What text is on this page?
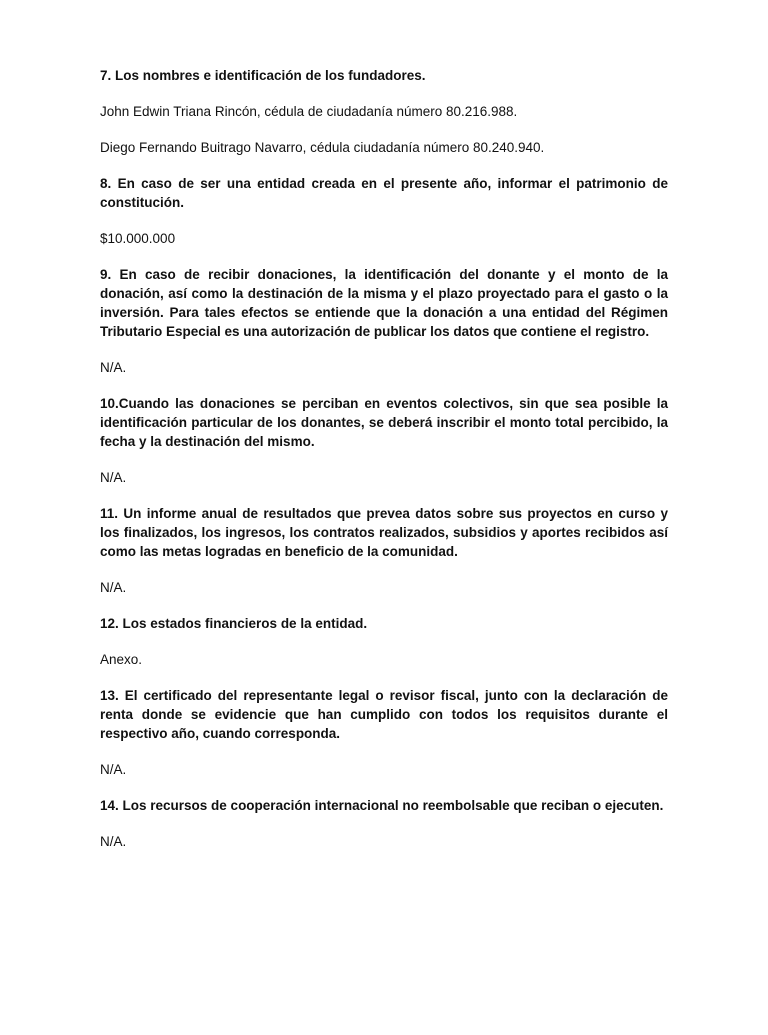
7. Los nombres e identificación de los fundadores.

John Edwin Triana Rincón, cédula de ciudadanía número 80.216.988.

Diego Fernando Buitrago Navarro, cédula ciudadanía número 80.240.940.

8. En caso de ser una entidad creada en el presente año, informar el patrimonio de constitución.

$10.000.000

9. En caso de recibir donaciones, la identificación del donante y el monto de la donación, así como la destinación de la misma y el plazo proyectado para el gasto o la inversión. Para tales efectos se entiende que la donación a una entidad del Régimen Tributario Especial es una autorización de publicar los datos que contiene el registro.

N/A.

10.Cuando las donaciones se perciban en eventos colectivos, sin que sea posible la identificación particular de los donantes, se deberá inscribir el monto total percibido, la fecha y la destinación del mismo.

N/A.

11. Un informe anual de resultados que prevea datos sobre sus proyectos en curso y los finalizados, los ingresos, los contratos realizados, subsidios y aportes recibidos así como las metas logradas en beneficio de la comunidad.

N/A.

12. Los estados financieros de la entidad.

Anexo.

13. El certificado del representante legal o revisor fiscal, junto con la declaración de renta donde se evidencie que han cumplido con todos los requisitos durante el respectivo año, cuando corresponda.

N/A.

14. Los recursos de cooperación internacional no reembolsable que reciban o ejecuten.

N/A.
